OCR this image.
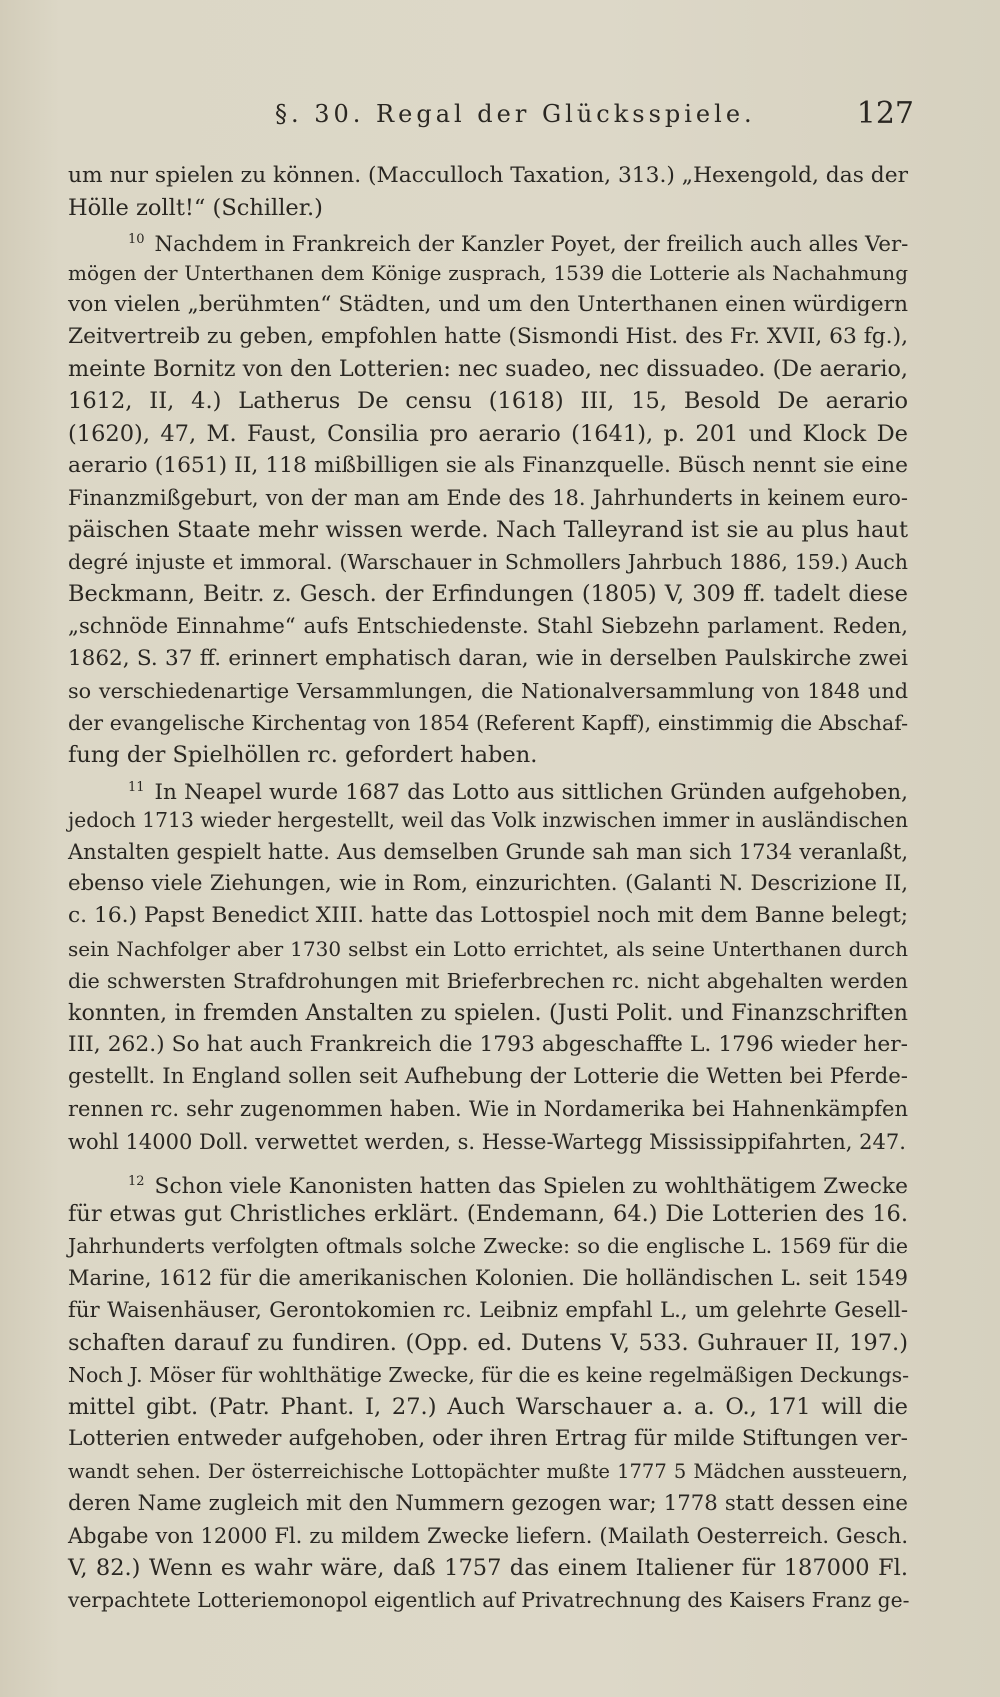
§. 30. Regal der Glücksspiele.	127
um nur spielen zu können. (Macculloch Taxation, 313.) „Hexengold, das der
Hölle zollt!“ (Schiller.)
$^{10}$ Nachdem in Frankreich der Kanzler Poyet, der freilich auch alles Ver-
mögen der Unterthanen dem Könige zusprach, 1539 die Lotterie als Nachahmung
von vielen „berühmten“ Städten, und um den Unterthanen einen würdigern
Zeitvertreib zu geben, empfohlen hatte (Sismondi Hist. des Fr. XVII, 63 fg.),
meinte Bornitz von den Lotterien: nec suadeo, nec dissuadeo. (De aerario,
1612, II, 4.) Latherus De censu (1618) III, 15, Besold De aerario
(1620), 47, M. Faust, Consilia pro aerario (1641), p. 201 und Klock De
aerario (1651) II, 118 mißbilligen sie als Finanzquelle. Büsch nennt sie eine
Finanzmißgeburt, von der man am Ende des 18. Jahrhunderts in keinem euro-
päischen Staate mehr wissen werde. Nach Talleyrand ist sie au plus haut
degré injuste et immoral. (Warschauer in Schmollers Jahrbuch 1886, 159.) Auch
Beckmann, Beitr. z. Gesch. der Erfindungen (1805) V, 309 ff. tadelt diese
„schnöde Einnahme“ aufs Entschiedenste. Stahl Siebzehn parlament. Reden,
1862, S. 37 ff. erinnert emphatisch daran, wie in derselben Paulskirche zwei
so verschiedenartige Versammlungen, die Nationalversammlung von 1848 und
der evangelische Kirchentag von 1854 (Referent Kapff), einstimmig die Abschaf-
fung der Spielhöllen rc. gefordert haben.
$^{11}$ In Neapel wurde 1687 das Lotto aus sittlichen Gründen aufgehoben,
jedoch 1713 wieder hergestellt, weil das Volk inzwischen immer in ausländischen
Anstalten gespielt hatte. Aus demselben Grunde sah man sich 1734 veranlaßt,
ebenso viele Ziehungen, wie in Rom, einzurichten. (Galanti N. Descrizione II,
c. 16.) Papst Benedict XIII. hatte das Lottospiel noch mit dem Banne belegt;
sein Nachfolger aber 1730 selbst ein Lotto errichtet, als seine Unterthanen durch
die schwersten Strafdrohungen mit Brieferbrechen rc. nicht abgehalten werden
konnten, in fremden Anstalten zu spielen. (Justi Polit. und Finanzschriften
III, 262.) So hat auch Frankreich die 1793 abgeschaffte L. 1796 wieder her-
gestellt. In England sollen seit Aufhebung der Lotterie die Wetten bei Pferde-
rennen rc. sehr zugenommen haben. Wie in Nordamerika bei Hahnenkämpfen
wohl 14000 Doll. verwettet werden, s. Hesse-Wartegg Mississippifahrten, 247.
$^{12}$ Schon viele Kanonisten hatten das Spielen zu wohlthätigem Zwecke
für etwas gut Christliches erklärt. (Endemann, 64.) Die Lotterien des 16.
Jahrhunderts verfolgten oftmals solche Zwecke: so die englische L. 1569 für die
Marine, 1612 für die amerikanischen Kolonien. Die holländischen L. seit 1549
für Waisenhäuser, Gerontokomien rc. Leibniz empfahl L., um gelehrte Gesell-
schaften darauf zu fundiren. (Opp. ed. Dutens V, 533. Guhrauer II, 197.)
Noch J. Möser für wohlthätige Zwecke, für die es keine regelmäßigen Deckungs-
mittel gibt. (Patr. Phant. I, 27.) Auch Warschauer a. a. O., 171 will die
Lotterien entweder aufgehoben, oder ihren Ertrag für milde Stiftungen ver-
wandt sehen. Der österreichische Lottopächter mußte 1777 5 Mädchen aussteuern,
deren Name zugleich mit den Nummern gezogen war; 1778 statt dessen eine
Abgabe von 12000 Fl. zu mildem Zwecke liefern. (Mailath Oesterreich. Gesch.
V, 82.) Wenn es wahr wäre, daß 1757 das einem Italiener für 187000 Fl.
verpachtete Lotteriemonopol eigentlich auf Privatrechnung des Kaisers Franz ge-
